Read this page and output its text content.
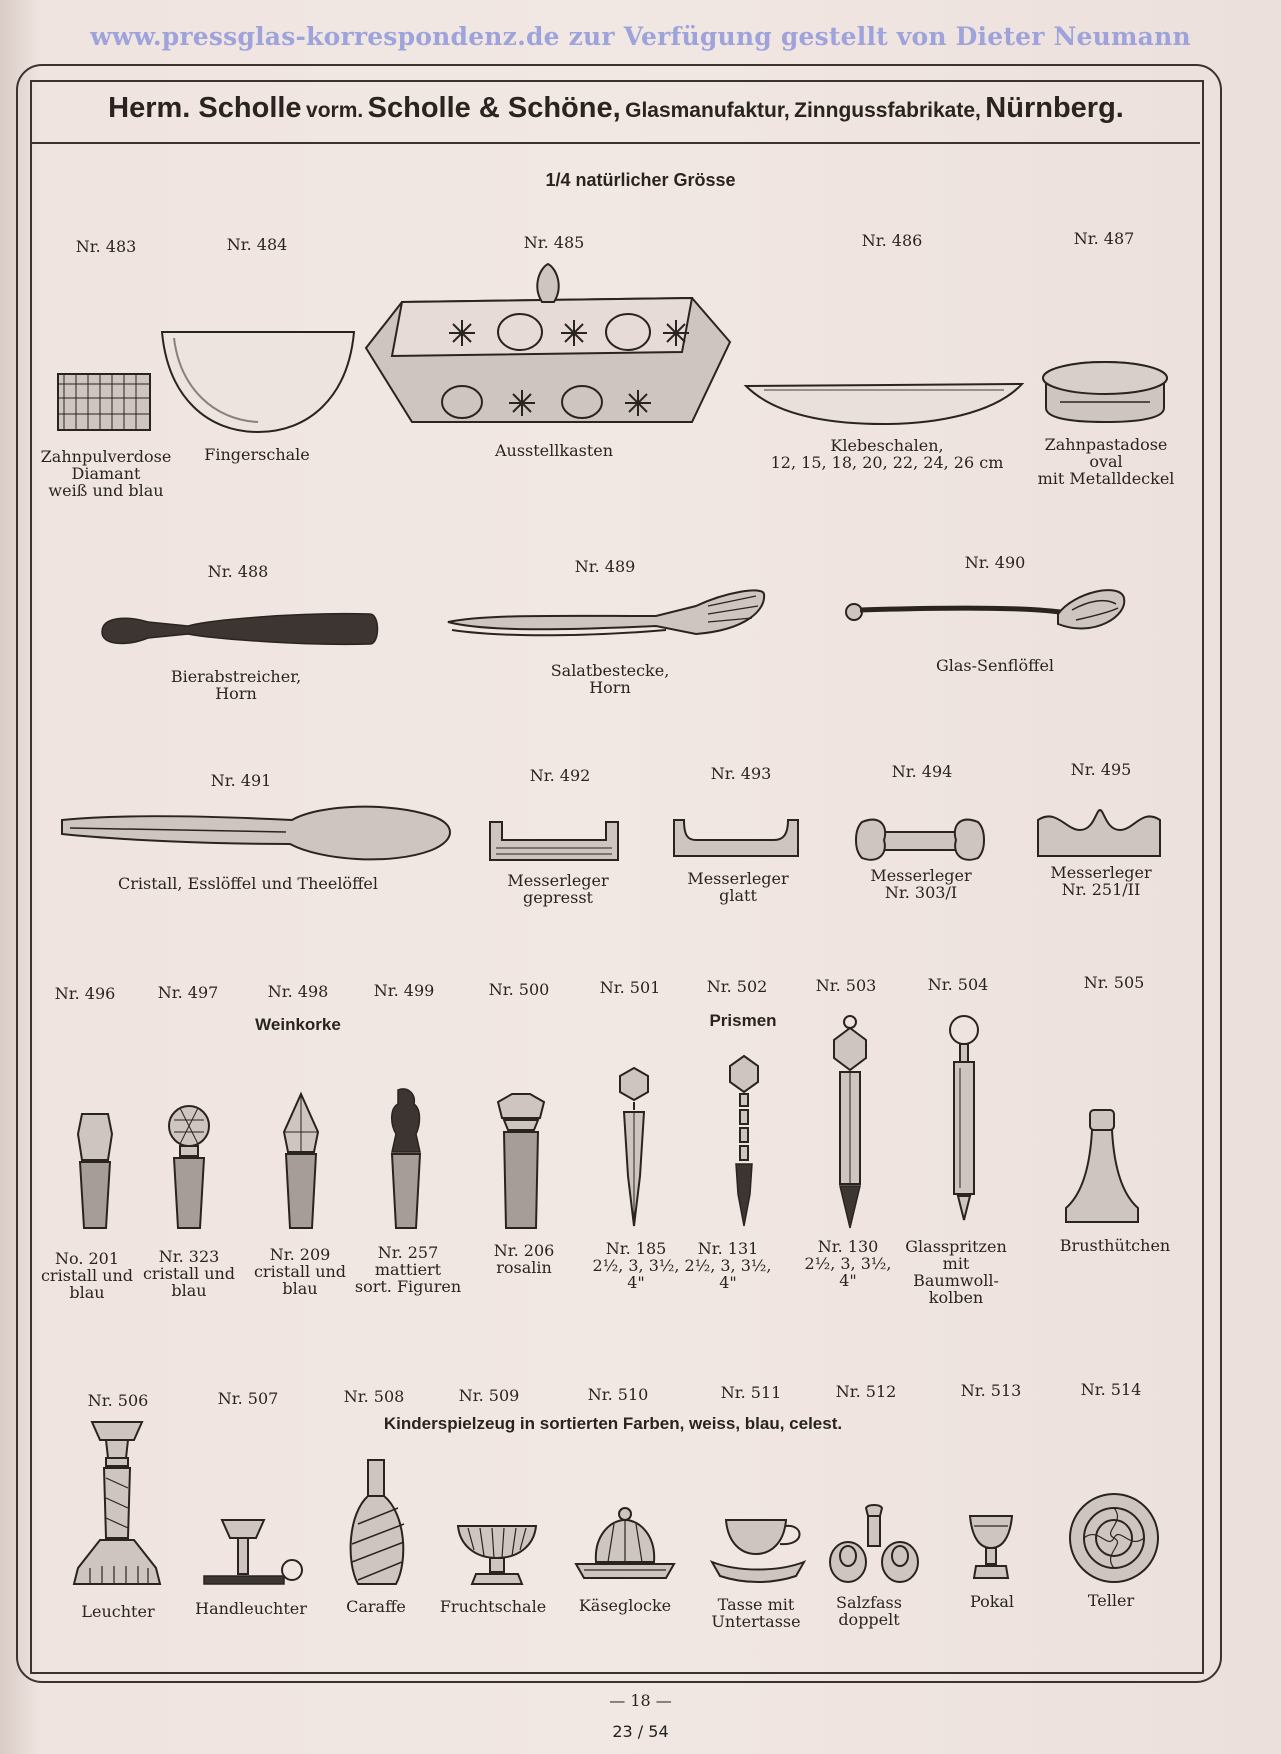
www.pressglas-korrespondenz.de zur Verfügung gestellt von Dieter Neumann
Herm. Scholle vorm. Scholle & Schöne, Glasmanufaktur, Zinngussfabrikate, Nürnberg.
1/4 natürlicher Grösse
Nr. 483	Nr. 484	Nr. 485	Nr. 486	Nr. 487
Zahnpulverdose
Diamant
weiß und blau
Fingerschale	Ausstellkasten	Klebeschalen,
12, 15, 18, 20, 22, 24, 26 cm
Zahnpastadose
oval
mit Metalldeckel
Nr. 488	Nr. 489	Nr. 490
Bierabstreicher,
Horn
Salatbestecke,
Horn
Glas-Senflöffel
Nr. 491	Nr. 492	Nr. 493	Nr. 494	Nr. 495
Cristall, Esslöffel und Theelöffel	Messerleger
gepresst
Messerleger
glatt
Messerleger
Nr. 303/I
Messerleger
Nr. 251/II
Nr. 496	Nr. 497	Nr. 498	Nr. 499	Nr. 500	Nr. 501	Nr. 502	Nr. 503	Nr. 504	Nr. 505
Weinkorke	Prismen
No. 201
cristall und
blau
Nr. 323
cristall und
blau
Nr. 209
cristall und
blau
Nr. 257
mattiert
sort. Figuren
Nr. 206
rosalin
Nr. 185
2½, 3, 3½,
4"
Nr. 131
2½, 3, 3½,
4"
Nr. 130
2½, 3, 3½,
4"
Glasspritzen
mit
Baumwoll-
kolben
Brusthütchen
Nr. 506	Nr. 507	Nr. 508	Nr. 509	Nr. 510	Nr. 511	Nr. 512	Nr. 513	Nr. 514
Kinderspielzeug in sortierten Farben, weiss, blau, celest.
Leuchter	Handleuchter Caraffe Fruchtschale Käseglocke	Tasse mit
Untertasse
Salzfass
doppelt
Pokal	Teller
— 18 —
23 / 54
